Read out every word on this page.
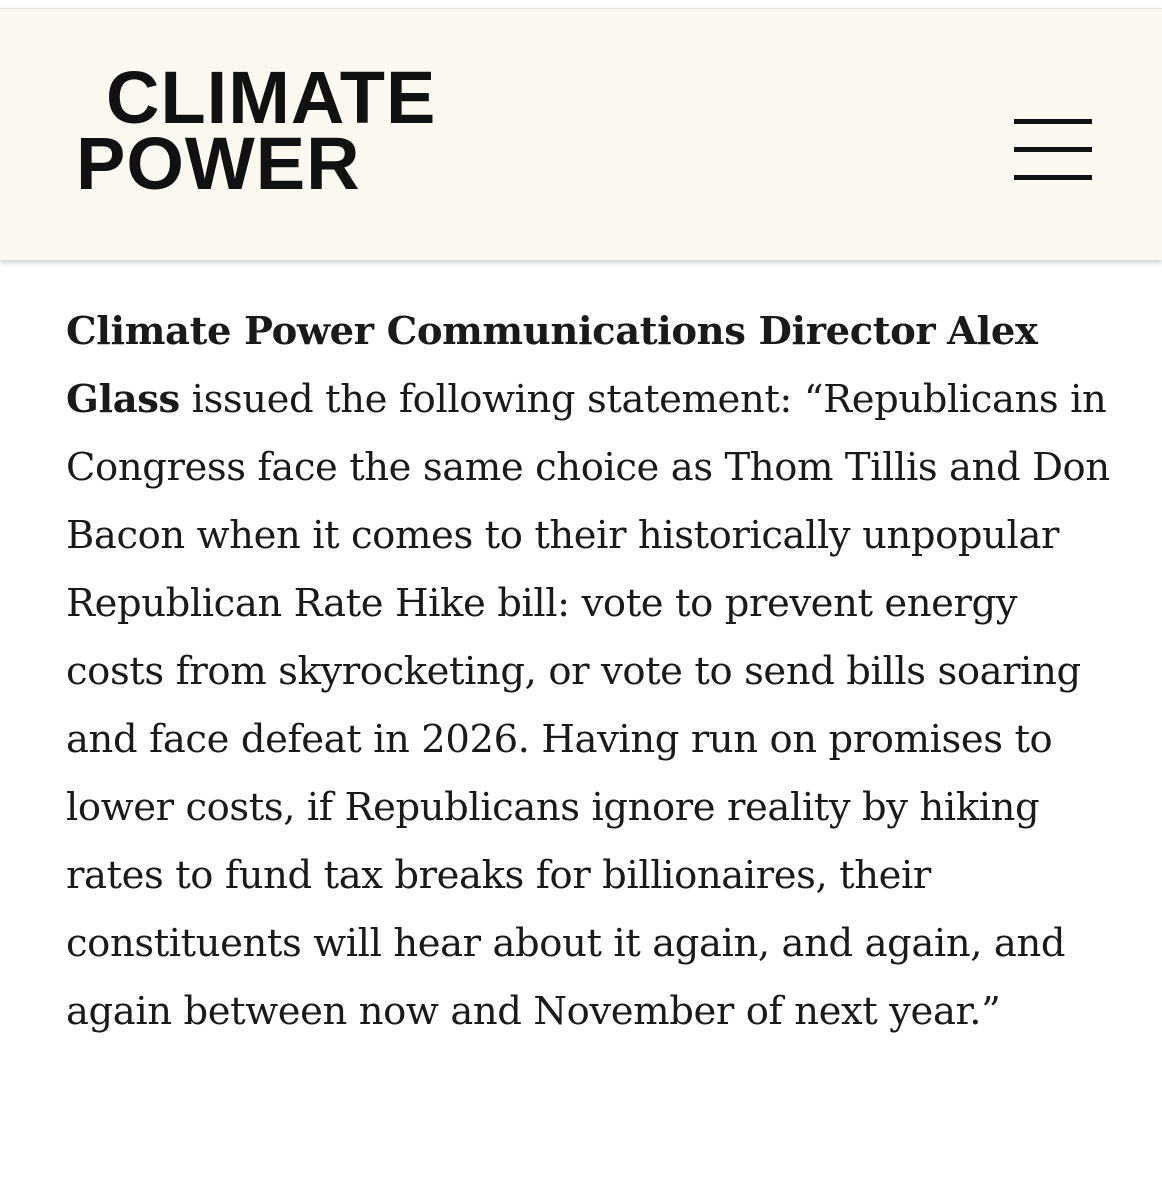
CLIMATE
POWER

Climate Power Communications Director Alex Glass issued the following statement: “Republicans in Congress face the same choice as Thom Tillis and Don Bacon when it comes to their historically unpopular Republican Rate Hike bill: vote to prevent energy costs from skyrocketing, or vote to send bills soaring and face defeat in 2026. Having run on promises to lower costs, if Republicans ignore reality by hiking rates to fund tax breaks for billionaires, their constituents will hear about it again, and again, and again between now and November of next year.”
